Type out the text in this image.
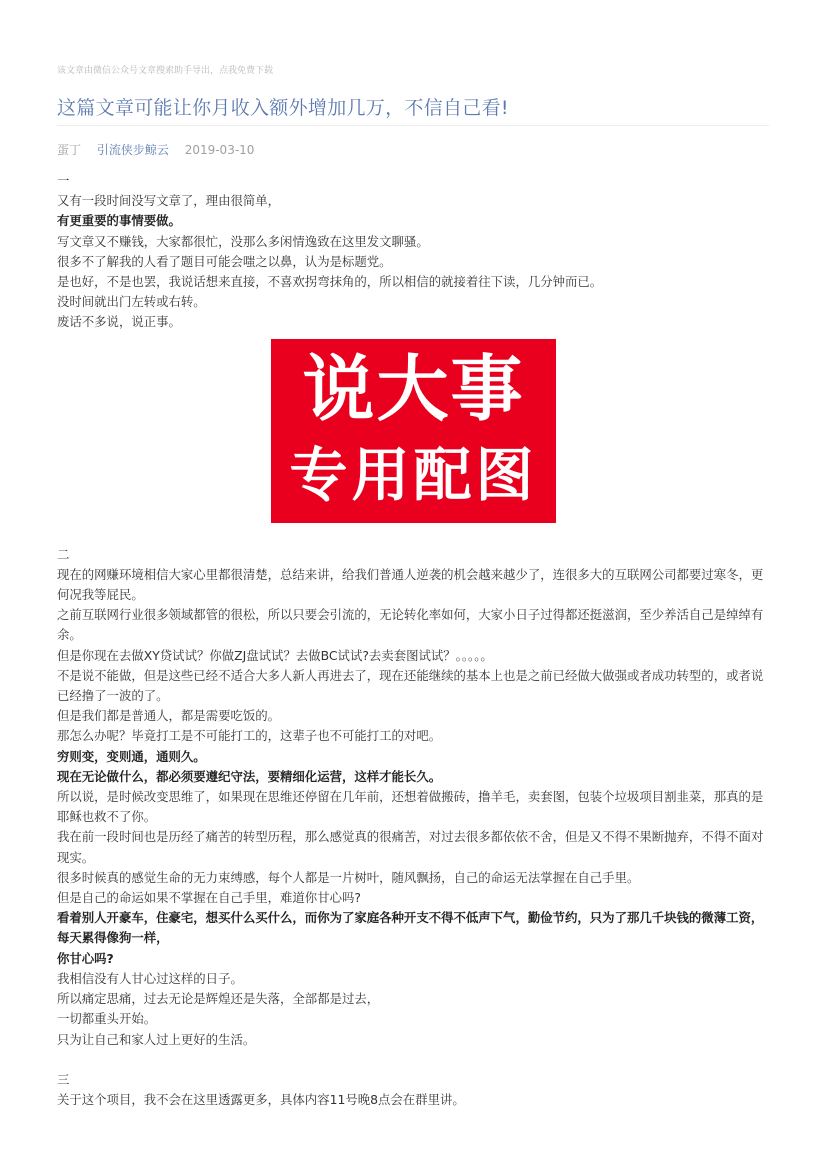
该文章由微信公众号文章搜索助手导出，点我免费下载
这篇文章可能让你月收入额外增加几万，不信自己看!
蛋丁 引流侠步鲸云 2019-03-10

一

又有一段时间没写文章了，理由很简单，

有更重要的事情要做。

写文章又不赚钱，大家都很忙，没那么多闲情逸致在这里发文聊骚。

很多不了解我的人看了题目可能会嗤之以鼻，认为是标题党。

是也好，不是也罢，我说话想来直接，不喜欢拐弯抹角的，所以相信的就接着往下读，几分钟而已。

没时间就出门左转或右转。

废话不多说，说正事。

说大事
专用配图

二

现在的网赚环境相信大家心里都很清楚，总结来讲，给我们普通人逆袭的机会越来越少了，连很多大的互联网公司都要过寒冬，更何况我等屁民。

之前互联网行业很多领域都管的很松，所以只要会引流的，无论转化率如何，大家小日子过得都还挺滋润，至少养活自己是绰绰有余。

但是你现在去做XY贷试试？你做ZJ盘试试？去做BC试试?去卖套图试试？。。。。。

不是说不能做，但是这些已经不适合大多人新人再进去了，现在还能继续的基本上也是之前已经做大做强或者成功转型的，或者说已经撸了一波的了。

但是我们都是普通人，都是需要吃饭的。

那怎么办呢？毕竟打工是不可能打工的，这辈子也不可能打工的对吧。

穷则变，变则通，通则久。

现在无论做什么，都必须要遵纪守法，要精细化运营，这样才能长久。

所以说，是时候改变思维了，如果现在思维还停留在几年前，还想着做搬砖，撸羊毛，卖套图，包装个垃圾项目割韭菜，那真的是耶稣也救不了你。

我在前一段时间也是历经了痛苦的转型历程，那么感觉真的很痛苦，对过去很多都依依不舍，但是又不得不果断抛弃，不得不面对现实。

很多时候真的感觉生命的无力束缚感，每个人都是一片树叶，随风飘扬，自己的命运无法掌握在自己手里。

但是自己的命运如果不掌握在自己手里，难道你甘心吗?

看着别人开豪车，住豪宅，想买什么买什么，而你为了家庭各种开支不得不低声下气，勤俭节约，只为了那几千块钱的微薄工资，每天累得像狗一样，

你甘心吗?

我相信没有人甘心过这样的日子。

所以痛定思痛，过去无论是辉煌还是失落，全部都是过去，

一切都重头开始。

只为让自己和家人过上更好的生活。

三

关于这个项目，我不会在这里透露更多，具体内容11号晚8点会在群里讲。
